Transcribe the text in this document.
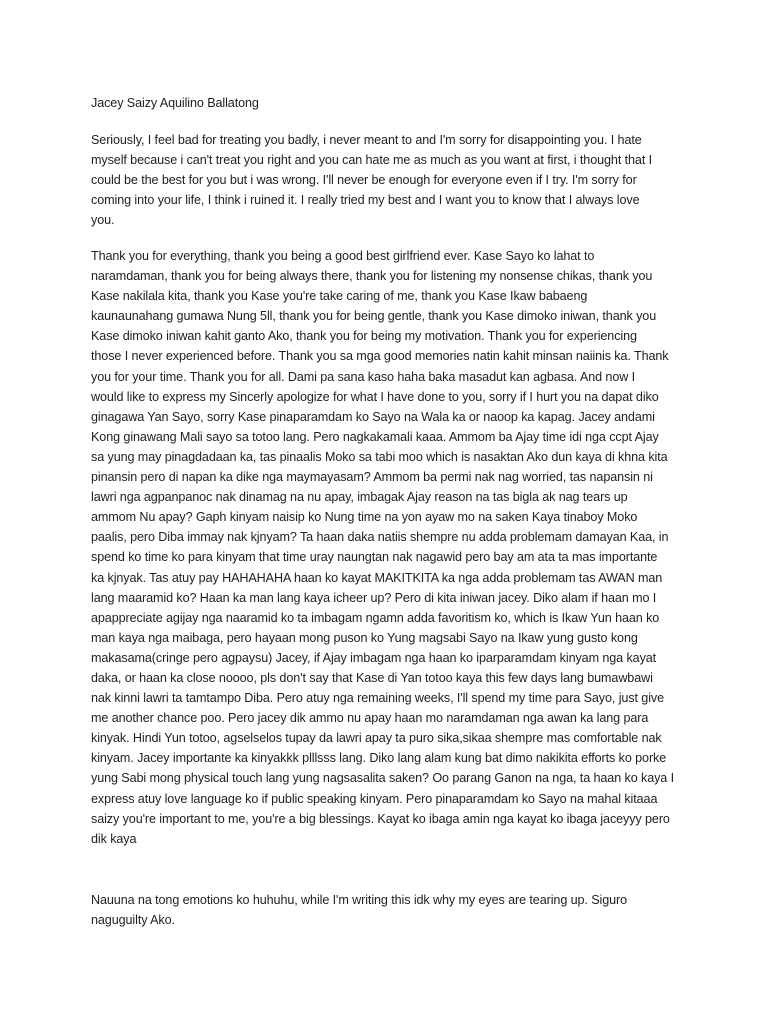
Jacey Saizy Aquilino Ballatong

Seriously, I feel bad for treating you badly, i never meant to and I'm sorry for disappointing you. I hate
myself because i can't treat you right and you can hate me as much as you want at first, i thought that I
could be the best for you but i was wrong. I'll never be enough for everyone even if I try. I'm sorry for
coming into your life, I think i ruined it. I really tried my best and I want you to know that I always love
you.

Thank you for everything, thank you being a good best girlfriend ever. Kase Sayo ko lahat to
naramdaman, thank you for being always there, thank you for listening my nonsense chikas, thank you
Kase nakilala kita, thank you Kase you're take caring of me, thank you Kase Ikaw babaeng
kaunaunahang gumawa Nung 5ll, thank you for being gentle, thank you Kase dimoko iniwan, thank you
Kase dimoko iniwan kahit ganto Ako, thank you for being my motivation. Thank you for experiencing
those I never experienced before. Thank you sa mga good memories natin kahit minsan naiinis ka. Thank
you for your time. Thank you for all. Dami pa sana kaso haha baka masadut kan agbasa. And now I
would like to express my Sincerly apologize for what I have done to you, sorry if I hurt you na dapat diko
ginagawa Yan Sayo, sorry Kase pinaparamdam ko Sayo na Wala ka or naoop ka kapag. Jacey andami
Kong ginawang Mali sayo sa totoo lang. Pero nagkakamali kaaa. Ammom ba Ajay time idi nga ccpt Ajay
sa yung may pinagdadaan ka, tas pinaalis Moko sa tabi moo which is nasaktan Ako dun kaya di khna kita
pinansin pero di napan ka dike nga maymayasam? Ammom ba permi nak nag worried, tas napansin ni
lawri nga agpanpanoc nak dinamag na nu apay, imbagak Ajay reason na tas bigla ak nag tears up
ammom Nu apay? Gaph kinyam naisip ko Nung time na yon ayaw mo na saken Kaya tinaboy Moko
paalis, pero Diba immay nak kjnyam? Ta haan daka natiis shempre nu adda problemam damayan Kaa, in
spend ko time ko para kinyam that time uray naungtan nak nagawid pero bay am ata ta mas importante
ka kjnyak. Tas atuy pay HAHAHAHA haan ko kayat MAKITKITA ka nga adda problemam tas AWAN man
lang maaramid ko? Haan ka man lang kaya icheer up? Pero di kita iniwan jacey. Diko alam if haan mo I
apappreciate agijay nga naaramid ko ta imbagam ngamn adda favoritism ko, which is Ikaw Yun haan ko
man kaya nga maibaga, pero hayaan mong puson ko Yung magsabi Sayo na Ikaw yung gusto kong
makasama(cringe pero agpaysu) Jacey, if Ajay imbagam nga haan ko iparparamdam kinyam nga kayat
daka, or haan ka close noooo, pls don't say that Kase di Yan totoo kaya this few days lang bumawbawi
nak kinni lawri ta tamtampo Diba. Pero atuy nga remaining weeks, I'll spend my time para Sayo, just give
me another chance poo. Pero jacey dik ammo nu apay haan mo naramdaman nga awan ka lang para
kinyak. Hindi Yun totoo, agselselos tupay da lawri apay ta puro sika,sikaa shempre mas comfortable nak
kinyam. Jacey importante ka kinyakkk plllsss lang. Diko lang alam kung bat dimo nakikita efforts ko porke
yung Sabi mong physical touch lang yung nagsasalita saken? Oo parang Ganon na nga, ta haan ko kaya I
express atuy love language ko if public speaking kinyam. Pero pinaparamdam ko Sayo na mahal kitaaa
saizy you're important to me, you're a big blessings. Kayat ko ibaga amin nga kayat ko ibaga jaceyyy pero
dik kaya

Nauuna na tong emotions ko huhuhu, while I'm writing this idk why my eyes are tearing up. Siguro
naguguilty Ako.
